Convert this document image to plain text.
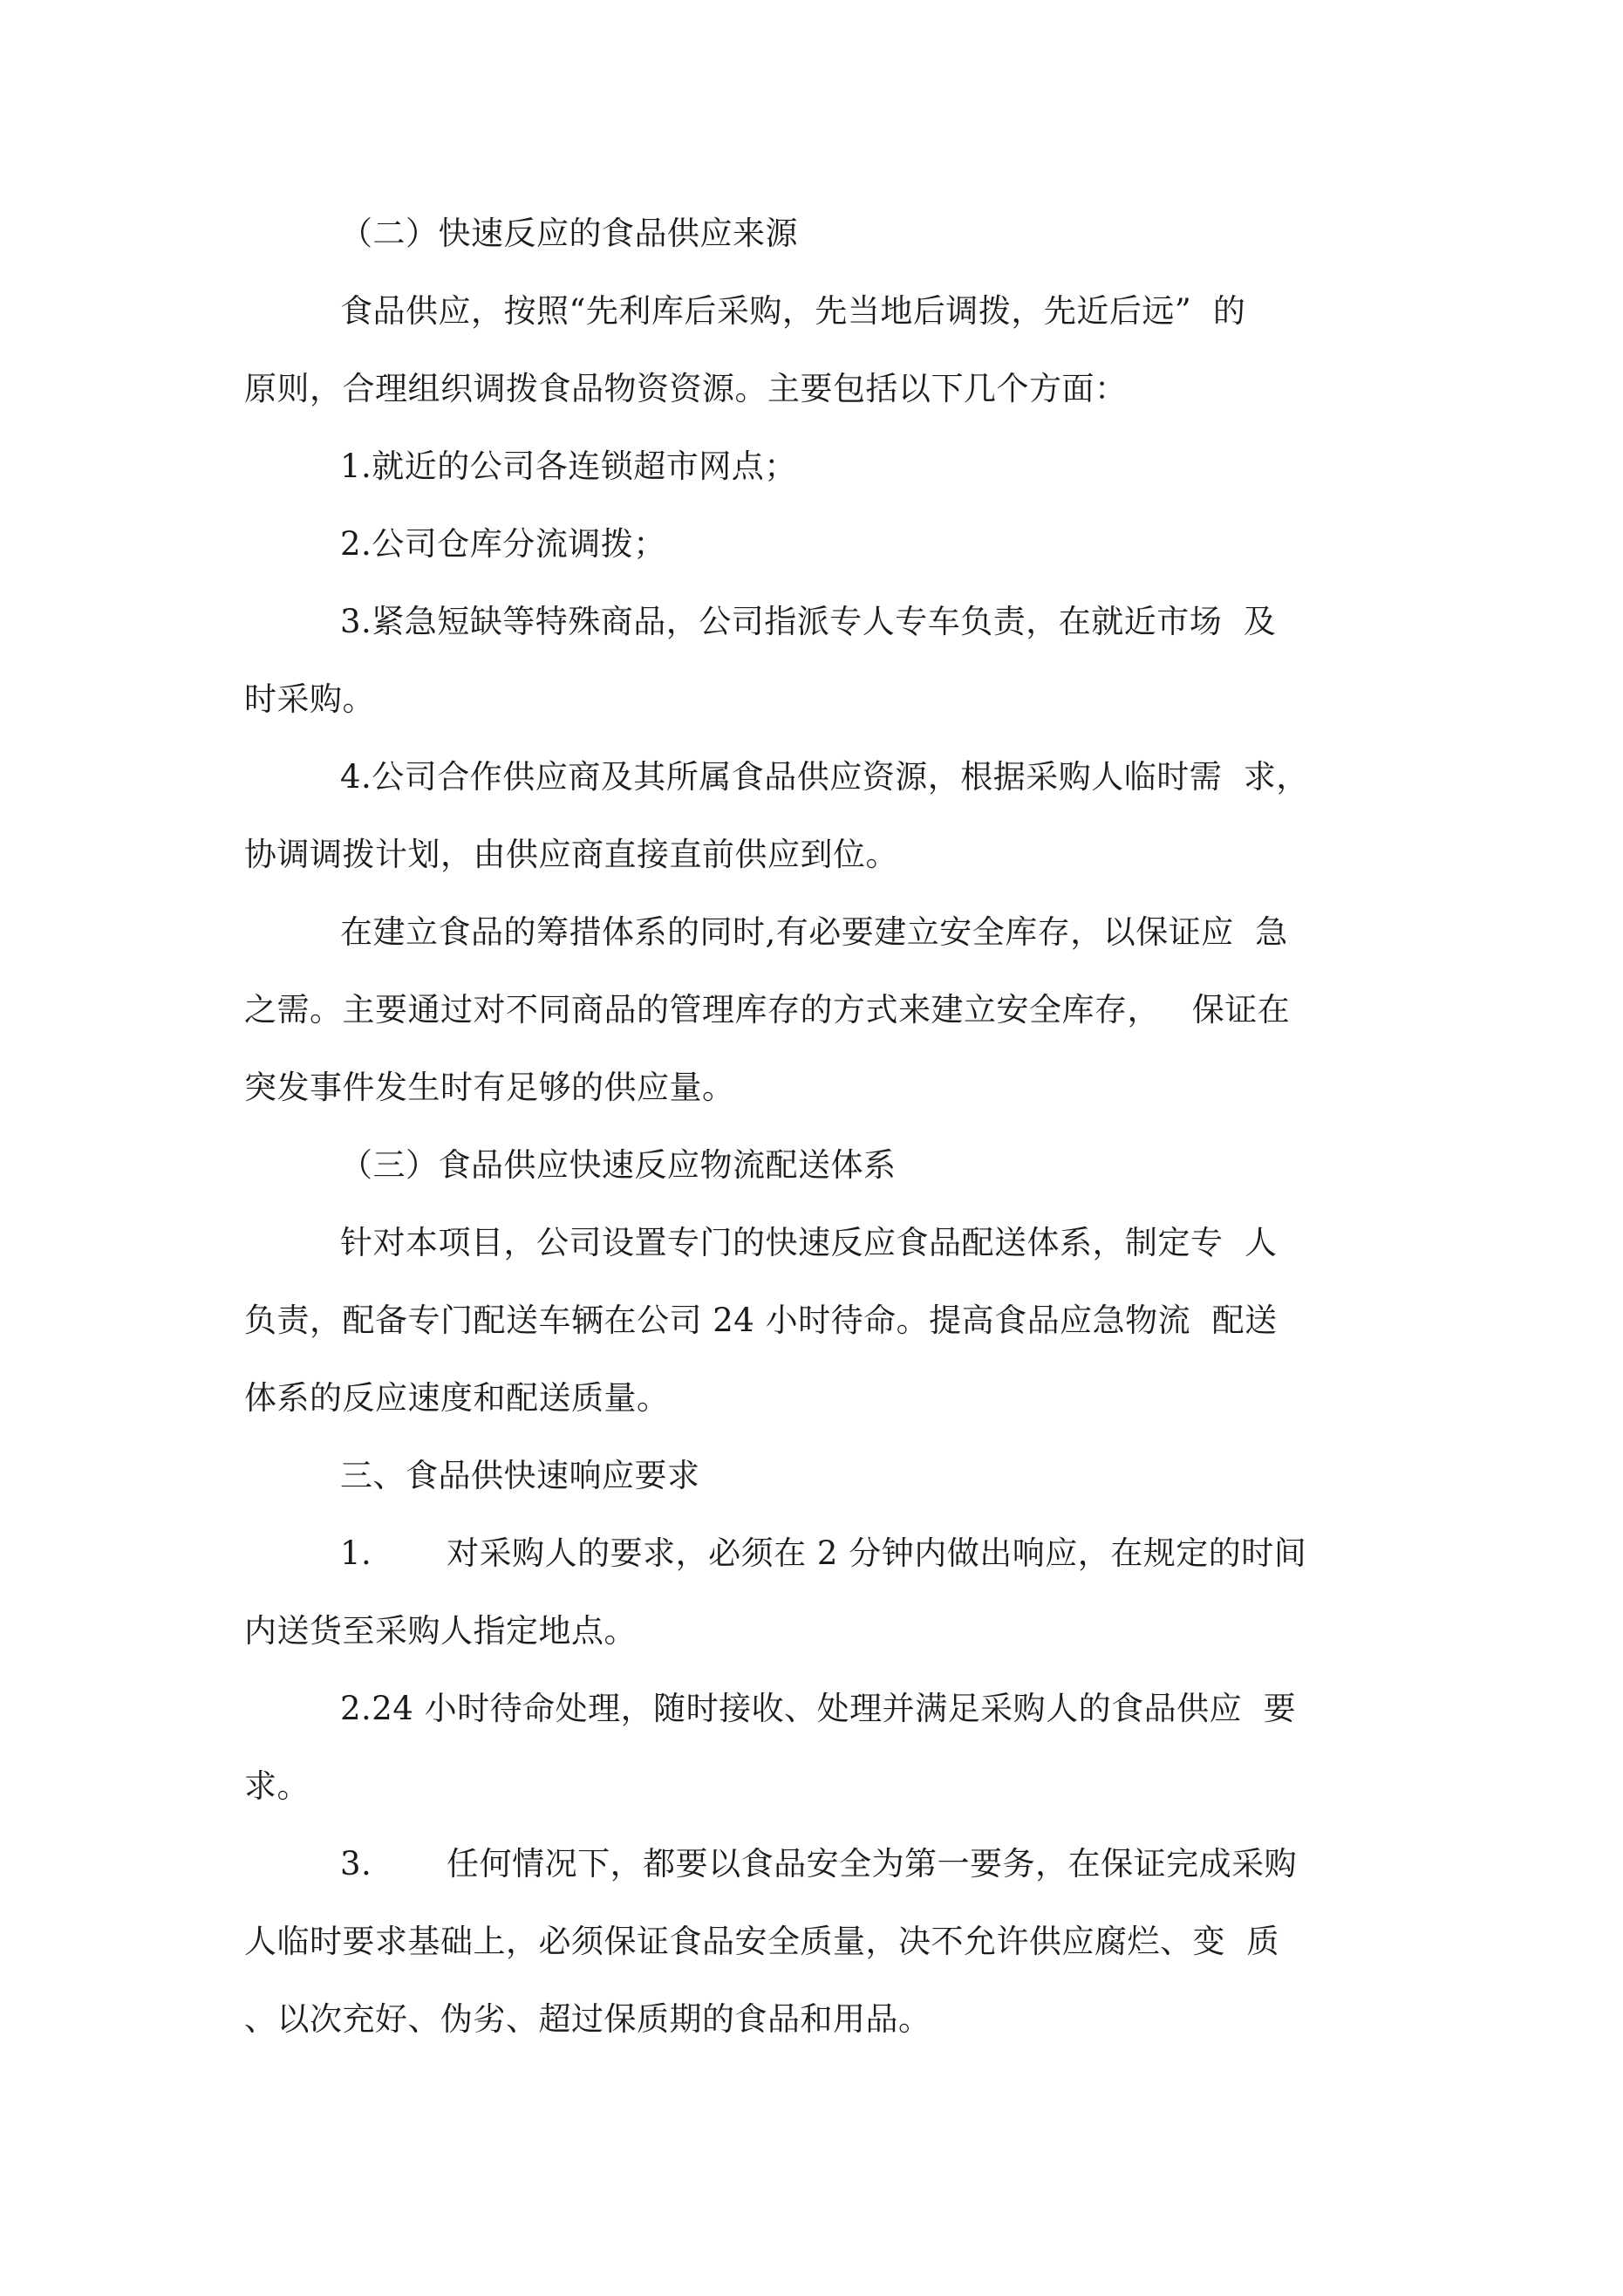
（二）快速反应的食品供应来源

食品供应，按照“先利库后采购，先当地后调拨，先近后远”  的

原则，合理组织调拨食品物资资源。主要包括以下几个方面：

1.就近的公司各连锁超市网点；

2.公司仓库分流调拨；

3.紧急短缺等特殊商品，公司指派专人专车负责，在就近市场  及

时采购。

4.公司合作供应商及其所属食品供应资源，根据采购人临时需  求，

协调调拨计划，由供应商直接直前供应到位。

在建立食品的筹措体系的同时,有必要建立安全库存，以保证应  急

之需。主要通过对不同商品的管理库存的方式来建立安全库存，   保证在

突发事件发生时有足够的供应量。

（三）食品供应快速反应物流配送体系

针对本项目，公司设置专门的快速反应食品配送体系，制定专  人

负责，配备专门配送车辆在公司 24 小时待命。提高食品应急物流  配送

体系的反应速度和配送质量。

三、食品供快速响应要求

1.       对采购人的要求，必须在 2 分钟内做出响应，在规定的时间

内送货至采购人指定地点。

2.24 小时待命处理，随时接收、处理并满足采购人的食品供应  要

求。

3.       任何情况下，都要以食品安全为第一要务，在保证完成采购

人临时要求基础上，必须保证食品安全质量，决不允许供应腐烂、变  质

、以次充好、伪劣、超过保质期的食品和用品。
